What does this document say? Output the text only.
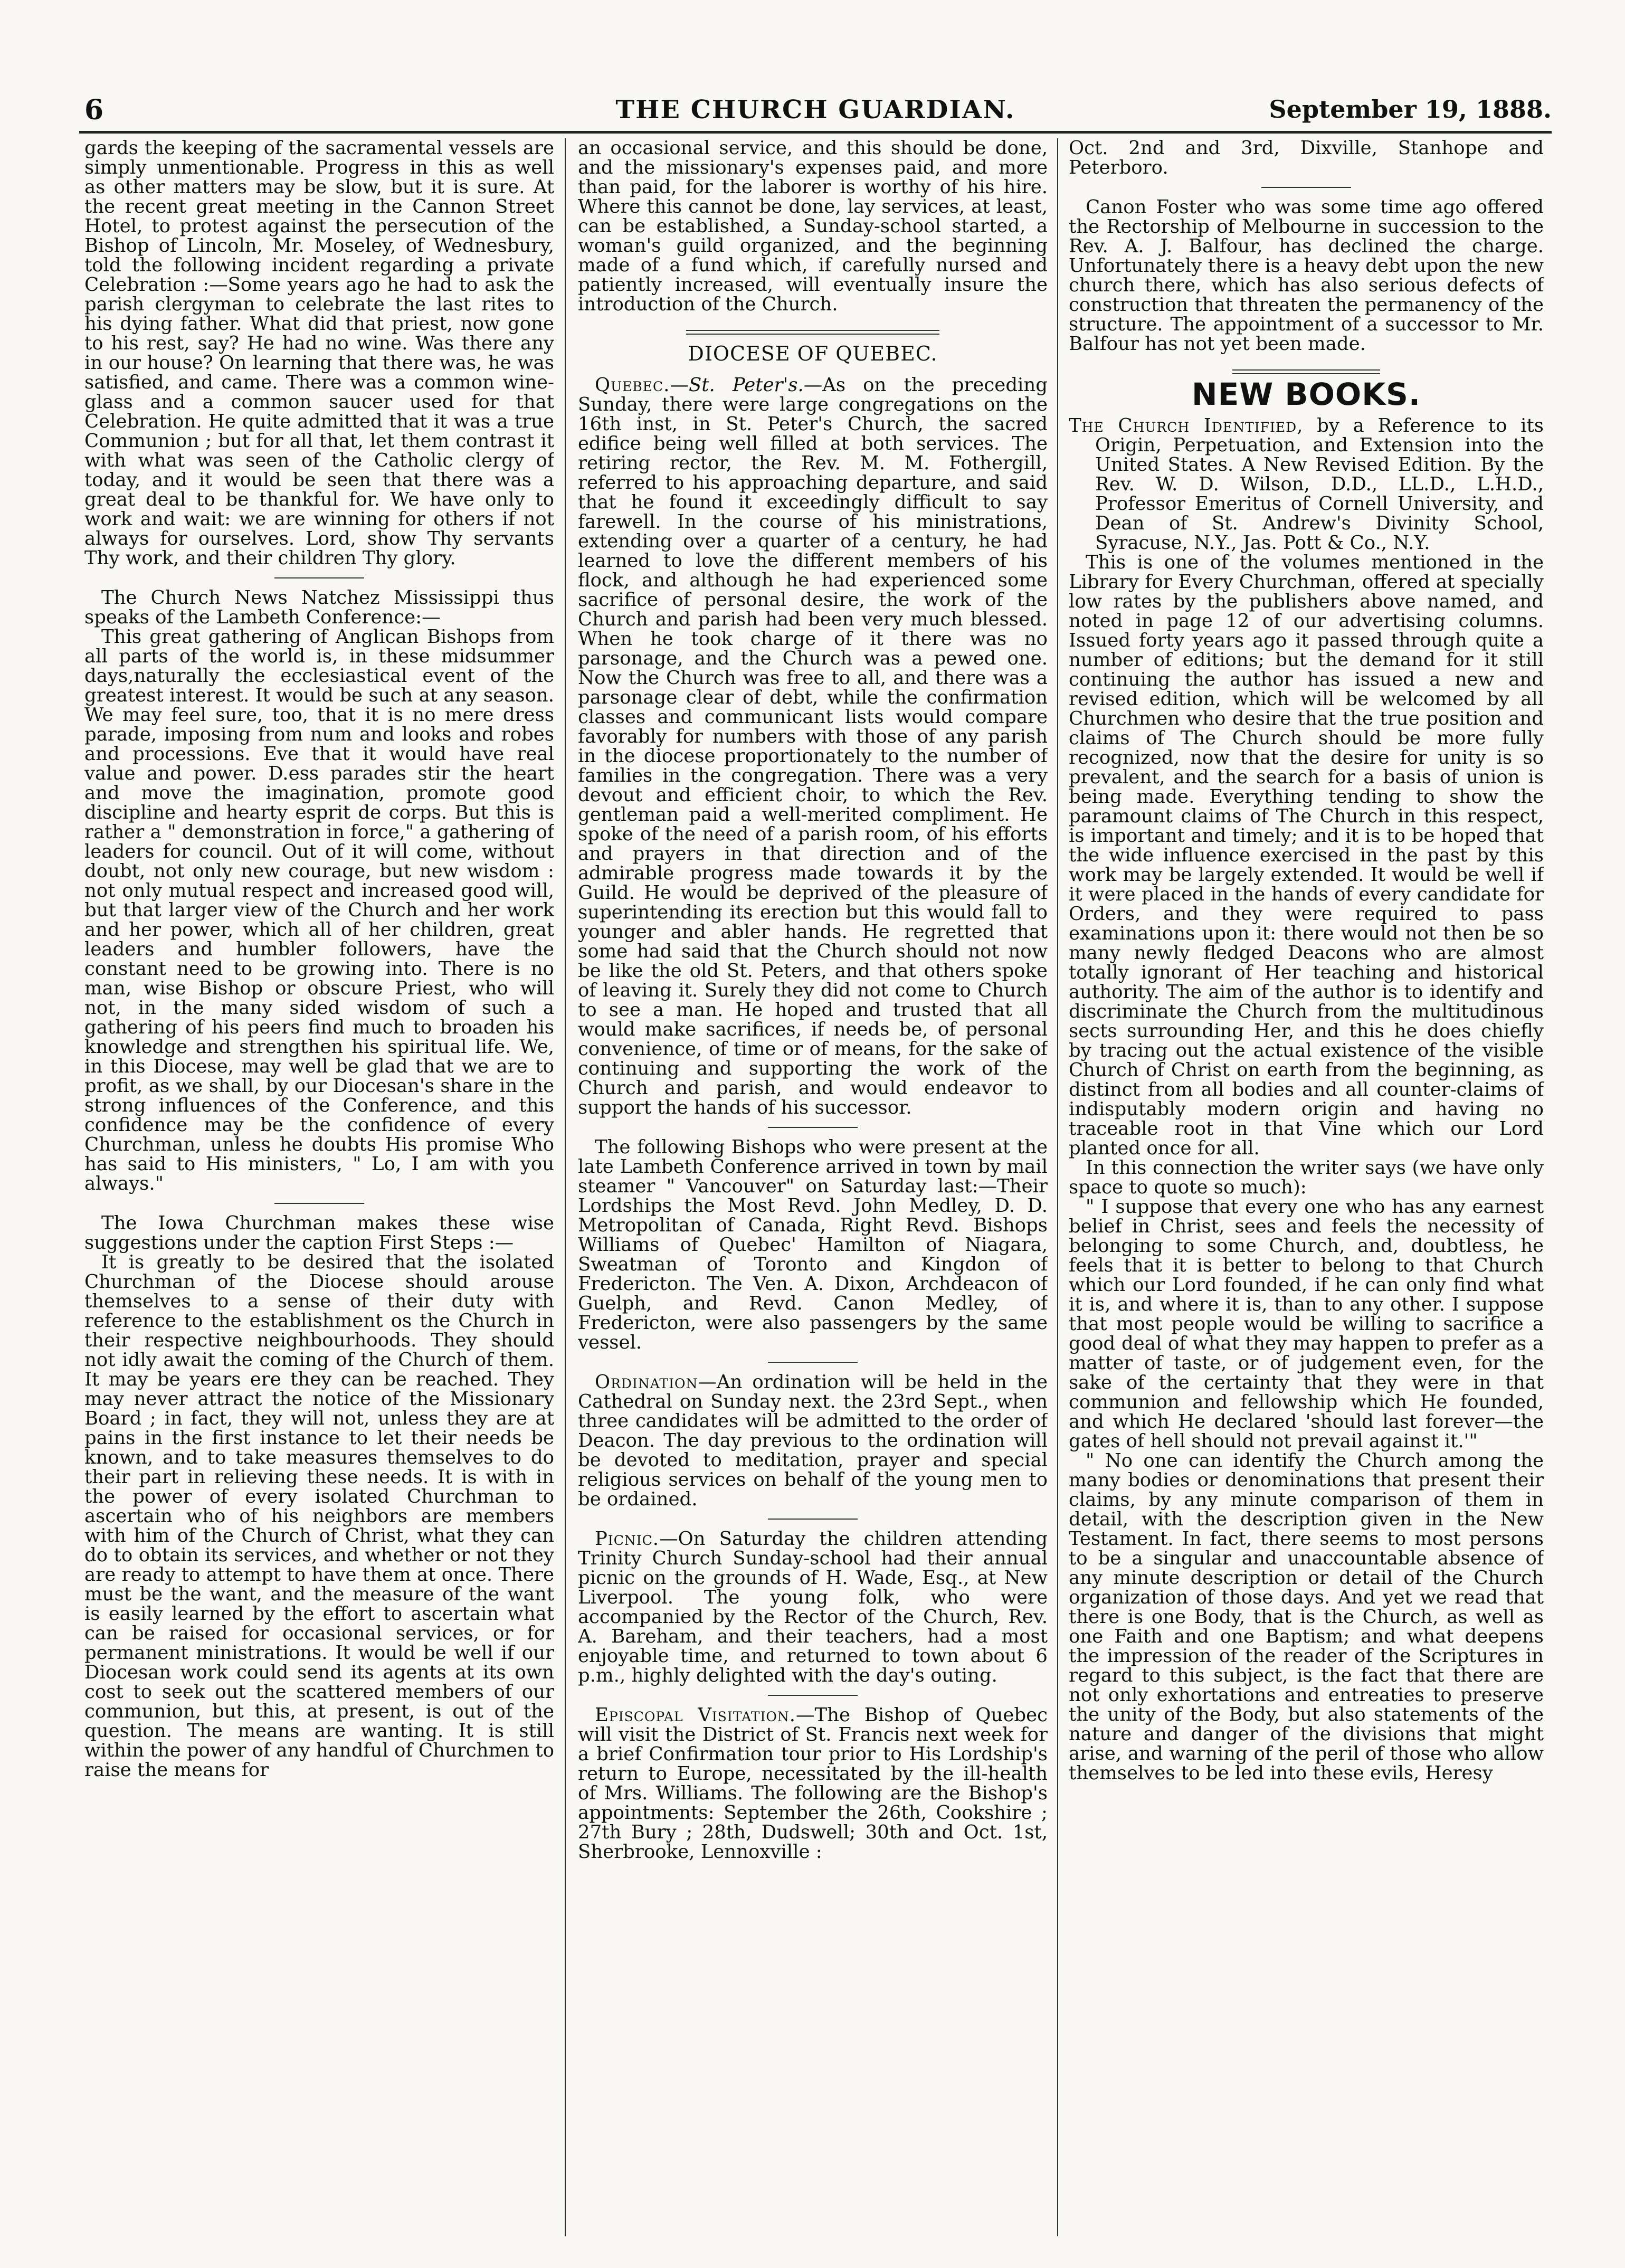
6	THE CHURCH GUARDIAN.	September 19, 1888.

gards the keeping of the sacramental vessels are simply unmentionable. Progress in this as well as other matters may be slow, but it is sure. At the recent great meeting in the Cannon Street Hotel, to protest against the persecution of the Bishop of Lincoln, Mr. Moseley, of Wednesbury, told the following incident regarding a private Celebration :—Some years ago he had to ask the parish clergyman to celebrate the last rites to his dying father. What did that priest, now gone to his rest, say? He had no wine. Was there any in our house? On learning that there was, he was satisfied, and came. There was a common wine-glass and a common saucer used for that Celebration. He quite admitted that it was a true Communion ; but for all that, let them contrast it with what was seen of the Catholic clergy of today, and it would be seen that there was a great deal to be thankful for. We have only to work and wait: we are winning for others if not always for ourselves. Lord, show Thy servants Thy work, and their children Thy glory.

The Church News Natchez Mississippi thus speaks of the Lambeth Conference:—

This great gathering of Anglican Bishops from all parts of the world is, in these midsummer days,naturally the ecclesiastical event of the greatest interest. It would be such at any season. We may feel sure, too, that it is no mere dress parade, imposing from num and looks and robes and processions. Eve that it would have real value and power. D.ess parades stir the heart and move the imagination, promote good discipline and hearty esprit de corps. But this is rather a " demonstration in force," a gathering of leaders for council. Out of it will come, without doubt, not only new courage, but new wisdom : not only mutual respect and increased good will, but that larger view of the Church and her work and her power, which all of her children, great leaders and humbler followers, have the constant need to be growing into. There is no man, wise Bishop or obscure Priest, who will not, in the many sided wisdom of such a gathering of his peers find much to broaden his knowledge and strengthen his spiritual life. We, in this Diocese, may well be glad that we are to profit, as we shall, by our Diocesan's share in the strong influences of the Conference, and this confidence may be the confidence of every Churchman, unless he doubts His promise Who has said to His ministers, " Lo, I am with you always."

The Iowa Churchman makes these wise suggestions under the caption First Steps :—

It is greatly to be desired that the isolated Churchman of the Diocese should arouse themselves to a sense of their duty with reference to the establishment os the Church in their respective neighbourhoods. They should not idly await the coming of the Church of them. It may be years ere they can be reached. They may never attract the notice of the Missionary Board ; in fact, they will not, unless they are at pains in the first instance to let their needs be known, and to take measures themselves to do their part in relieving these needs. It is with in the power of every isolated Churchman to ascertain who of his neighbors are members with him of the Church of Christ, what they can do to obtain its services, and whether or not they are ready to attempt to have them at once. There must be the want, and the measure of the want is easily learned by the effort to ascertain what can be raised for occasional services, or for permanent ministrations. It would be well if our Diocesan work could send its agents at its own cost to seek out the scattered members of our communion, but this, at present, is out of the question. The means are wanting. It is still within the power of any handful of Churchmen to raise the means for

an occasional service, and this should be done, and the missionary's expenses paid, and more than paid, for the laborer is worthy of his hire. Where this cannot be done, lay services, at least, can be established, a Sunday-school started, a woman's guild organized, and the beginning made of a fund which, if carefully nursed and patiently increased, will eventually insure the introduction of the Church.

DIOCESE OF QUEBEC.

Quebec.—St. Peter's.—As on the preceding Sunday, there were large congregations on the 16th inst, in St. Peter's Church, the sacred edifice being well filled at both services. The retiring rector, the Rev. M. M. Fothergill, referred to his approaching departure, and said that he found it exceedingly difficult to say farewell. In the course of his ministrations, extending over a quarter of a century, he had learned to love the different members of his flock, and although he had experienced some sacrifice of personal desire, the work of the Church and parish had been very much blessed. When he took charge of it there was no parsonage, and the Church was a pewed one. Now the Church was free to all, and there was a parsonage clear of debt, while the confirmation classes and communicant lists would compare favorably for numbers with those of any parish in the diocese proportionately to the number of families in the congregation. There was a very devout and efficient choir, to which the Rev. gentleman paid a well-merited compliment. He spoke of the need of a parish room, of his efforts and prayers in that direction and of the admirable progress made towards it by the Guild. He would be deprived of the pleasure of superintending its erection but this would fall to younger and abler hands. He regretted that some had said that the Church should not now be like the old St. Peters, and that others spoke of leaving it. Surely they did not come to Church to see a man. He hoped and trusted that all would make sacrifices, if needs be, of personal convenience, of time or of means, for the sake of continuing and supporting the work of the Church and parish, and would endeavor to support the hands of his successor.

The following Bishops who were present at the late Lambeth Conference arrived in town by mail steamer " Vancouver" on Saturday last:—Their Lordships the Most Revd. John Medley, D. D. Metropolitan of Canada, Right Revd. Bishops Williams of Quebec' Hamilton of Niagara, Sweatman of Toronto and Kingdon of Fredericton. The Ven. A. Dixon, Archdeacon of Guelph, and Revd. Canon Medley, of Fredericton, were also passengers by the same vessel.

Ordination—An ordination will be held in the Cathedral on Sunday next. the 23rd Sept., when three candidates will be admitted to the order of Deacon. The day previous to the ordination will be devoted to meditation, prayer and special religious services on behalf of the young men to be ordained.

Picnic.—On Saturday the children attending Trinity Church Sunday-school had their annual picnic on the grounds of H. Wade, Esq., at New Liverpool. The young folk, who were accompanied by the Rector of the Church, Rev. A. Bareham, and their teachers, had a most enjoyable time, and returned to town about 6 p.m., highly delighted with the day's outing.

Episcopal Visitation.—The Bishop of Quebec will visit the District of St. Francis next week for a brief Confirmation tour prior to His Lordship's return to Europe, necessitated by the ill-health of Mrs. Williams. The following are the Bishop's appointments: September the 26th, Cookshire ; 27th Bury ; 28th, Dudswell; 30th and Oct. 1st, Sherbrooke, Lennoxville :

Oct. 2nd and 3rd, Dixville, Stanhope and Peterboro.

Canon Foster who was some time ago offered the Rectorship of Melbourne in succession to the Rev. A. J. Balfour, has declined the charge. Unfortunately there is a heavy debt upon the new church there, which has also serious defects of construction that threaten the permanency of the structure. The appointment of a successor to Mr. Balfour has not yet been made.

NEW BOOKS.

The Church Identified, by a Reference to its Origin, Perpetuation, and Extension into the United States. A New Revised Edition. By the Rev. W. D. Wilson, D.D., LL.D., L.H.D., Professor Emeritus of Cornell University, and Dean of St. Andrew's Divinity School, Syracuse, N.Y., Jas. Pott & Co., N.Y.

This is one of the volumes mentioned in the Library for Every Churchman, offered at specially low rates by the publishers above named, and noted in page 12 of our advertising columns. Issued forty years ago it passed through quite a number of editions; but the demand for it still continuing the author has issued a new and revised edition, which will be welcomed by all Churchmen who desire that the true position and claims of The Church should be more fully recognized, now that the desire for unity is so prevalent, and the search for a basis of union is being made. Everything tending to show the paramount claims of The Church in this respect, is important and timely; and it is to be hoped that the wide influence exercised in the past by this work may be largely extended. It would be well if it were placed in the hands of every candidate for Orders, and they were required to pass examinations upon it: there would not then be so many newly fledged Deacons who are almost totally ignorant of Her teaching and historical authority. The aim of the author is to identify and discriminate the Church from the multitudinous sects surrounding Her, and this he does chiefly by tracing out the actual existence of the visible Church of Christ on earth from the beginning, as distinct from all bodies and all counter-claims of indisputably modern origin and having no traceable root in that Vine which our Lord planted once for all.

In this connection the writer says (we have only space to quote so much):

" I suppose that every one who has any earnest belief in Christ, sees and feels the necessity of belonging to some Church, and, doubtless, he feels that it is better to belong to that Church which our Lord founded, if he can only find what it is, and where it is, than to any other. I suppose that most people would be willing to sacrifice a good deal of what they may happen to prefer as a matter of taste, or of judgement even, for the sake of the certainty that they were in that communion and fellowship which He founded, and which He declared 'should last forever—the gates of hell should not prevail against it.'"

" No one can identify the Church among the many bodies or denominations that present their claims, by any minute comparison of them in detail, with the description given in the New Testament. In fact, there seems to most persons to be a singular and unaccountable absence of any minute description or detail of the Church organization of those days. And yet we read that there is one Body, that is the Church, as well as one Faith and one Baptism; and what deepens the impression of the reader of the Scriptures in regard to this subject, is the fact that there are not only exhortations and entreaties to preserve the unity of the Body, but also statements of the nature and danger of the divisions that might arise, and warning of the peril of those who allow themselves to be led into these evils, Heresy
